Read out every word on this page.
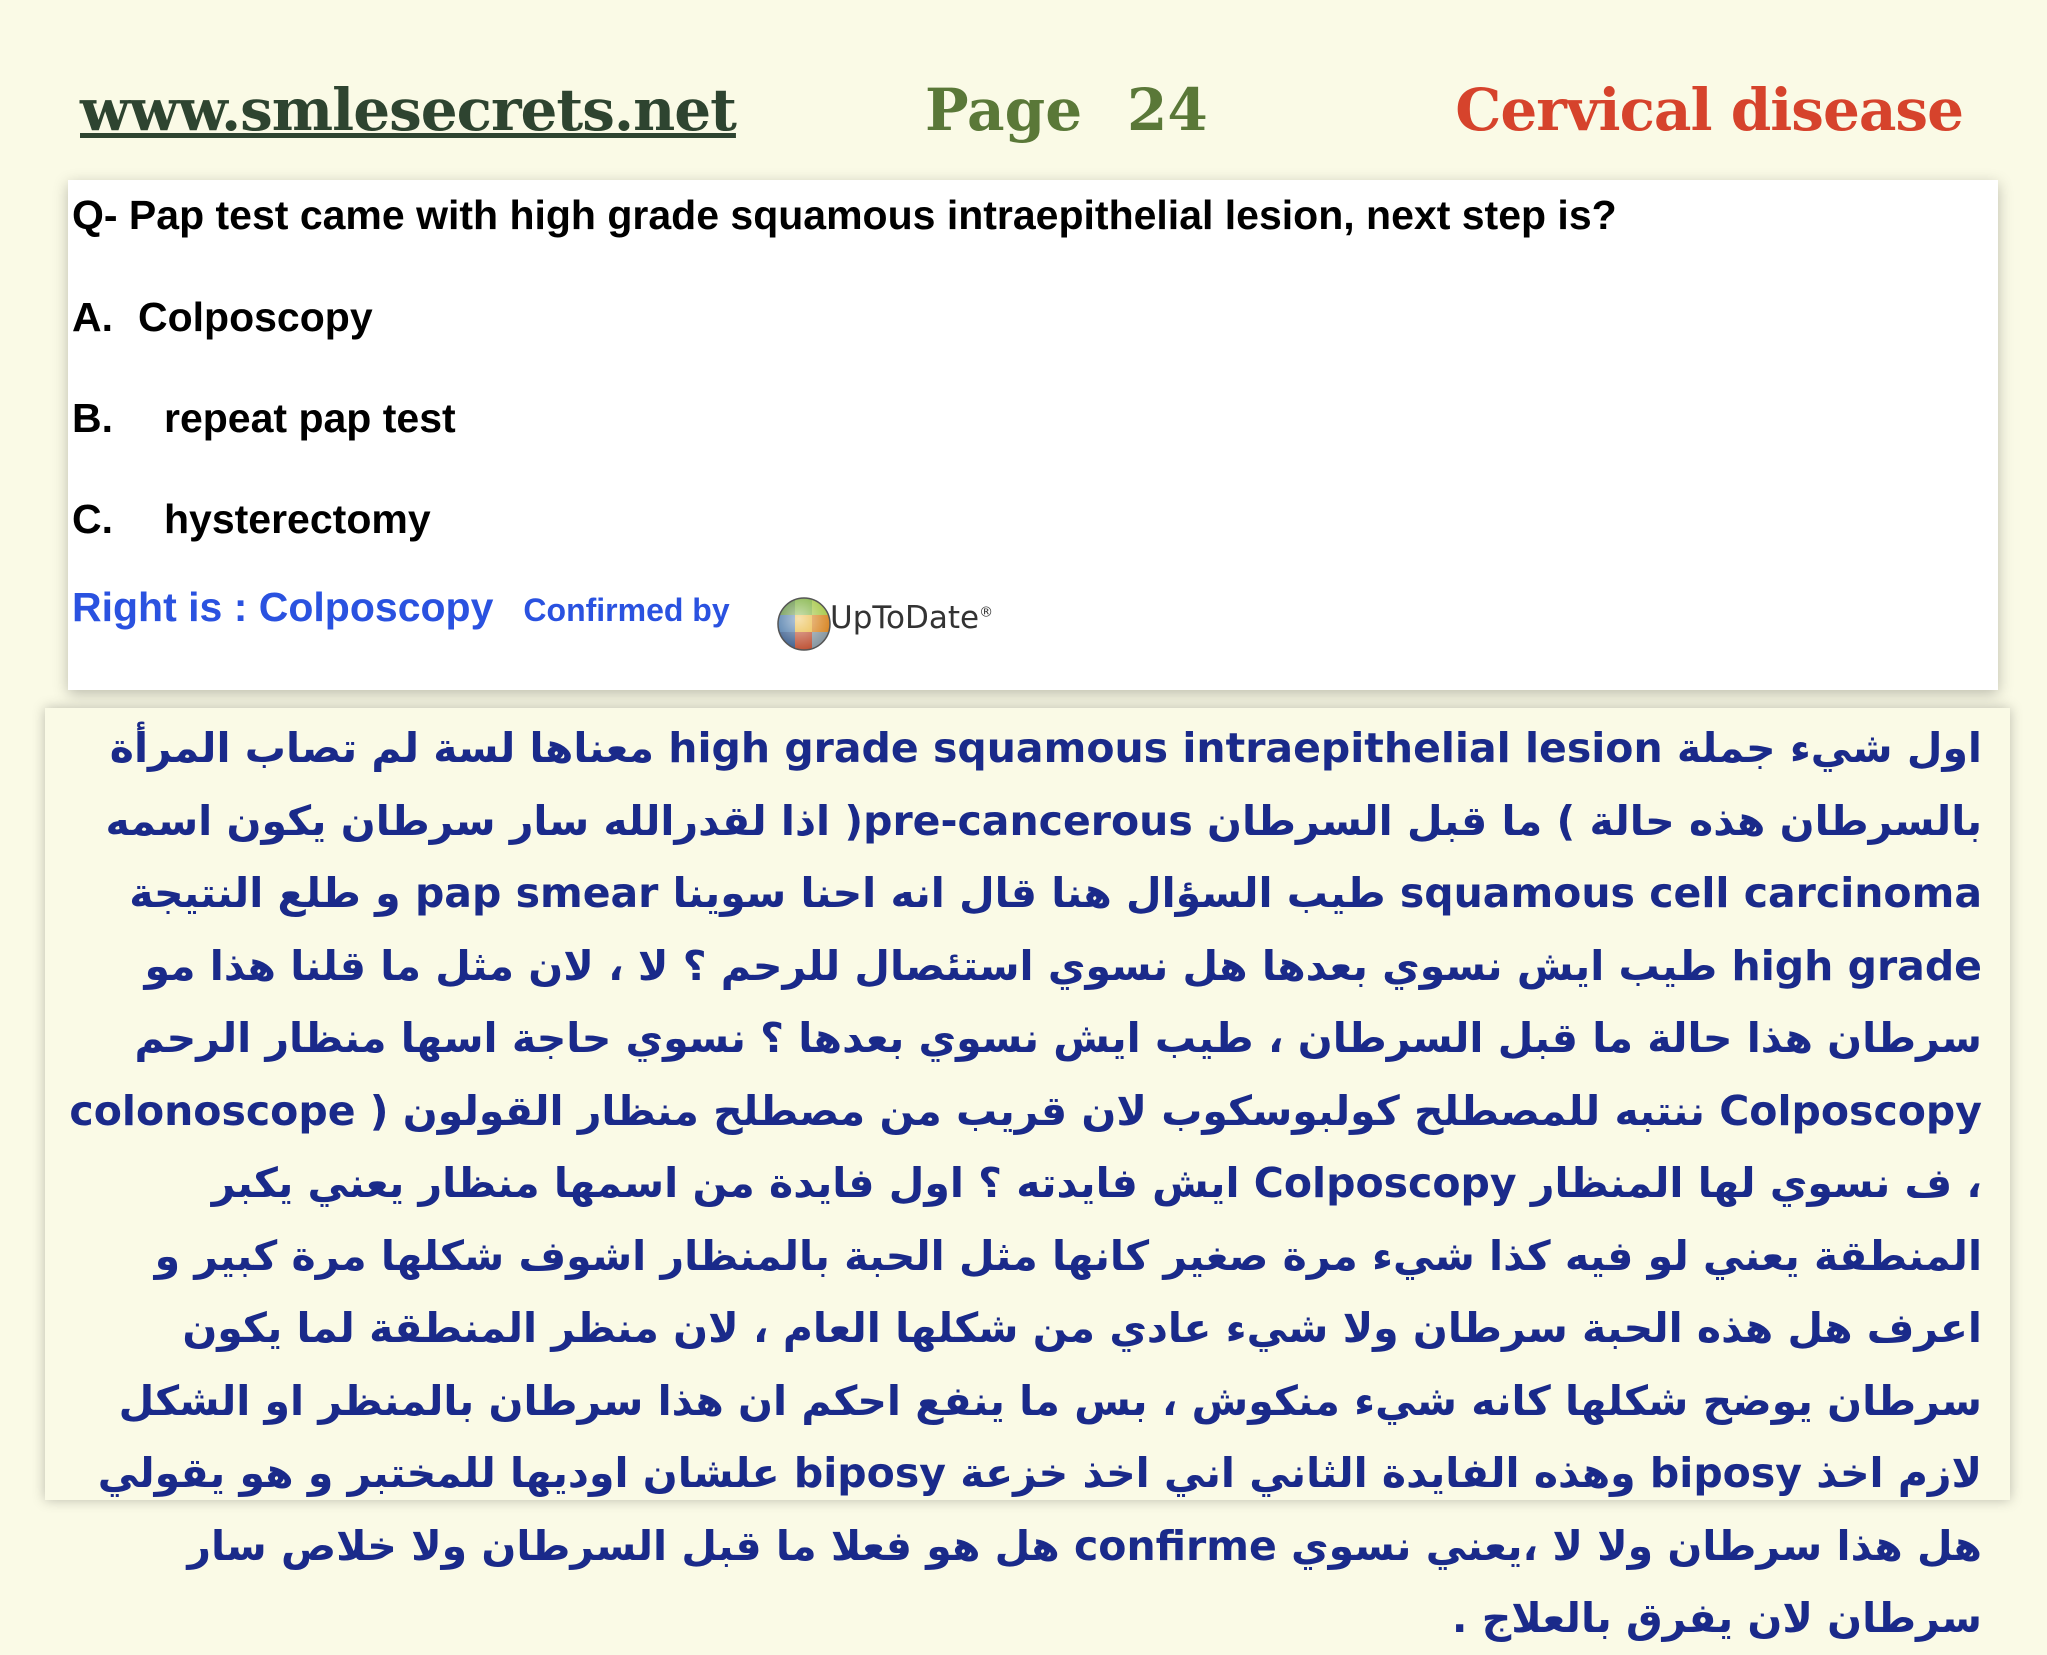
www.smlesecrets.net	Page 24	Cervical disease
Q- Pap test came with high grade squamous intraepithelial lesion, next step is?
A. Colposcopy
B. repeat pap test
C. hysterectomy
Right is : Colposcopy Confirmed by	UpToDate®

اول شيء جملة high grade squamous intraepithelial lesion معناها لسة لم تصاب المرأة بالسرطان هذه حالة ) ما قبل السرطان pre-cancerous( اذا لقدرالله سار سرطان يكون اسمه squamous cell carcinoma طيب السؤال هنا قال انه احنا سوينا pap smear و طلع النتيجة high grade طيب ايش نسوي بعدها هل نسوي استئصال للرحم ؟ لا ، لان مثل ما قلنا هذا مو سرطان هذا حالة ما قبل السرطان ، طيب ايش نسوي بعدها ؟ نسوي حاجة اسها منظار الرحم Colposcopy ننتبه للمصطلح كولبوسكوب لان قريب من مصطلح منظار القولون ( colonoscope ، ف نسوي لها المنظار Colposcopy ايش فايدته ؟ اول فايدة من اسمها منظار يعني يكبر المنطقة يعني لو فيه كذا شيء مرة صغير كانها مثل الحبة بالمنظار اشوف شكلها مرة كبير و اعرف هل هذه الحبة سرطان ولا شيء عادي من شكلها العام ، لان منظر المنطقة لما يكون سرطان يوضح شكلها كانه شيء منكوش ، بس ما ينفع احكم ان هذا سرطان بالمنظر او الشكل لازم اخذ biposy وهذه الفايدة الثاني اني اخذ خزعة biposy علشان اوديها للمختبر و هو يقولي هل هذا سرطان ولا لا ،يعني نسوي confirme هل هو فعلا ما قبل السرطان ولا خلاص سار سرطان لان يفرق بالعلاج .
